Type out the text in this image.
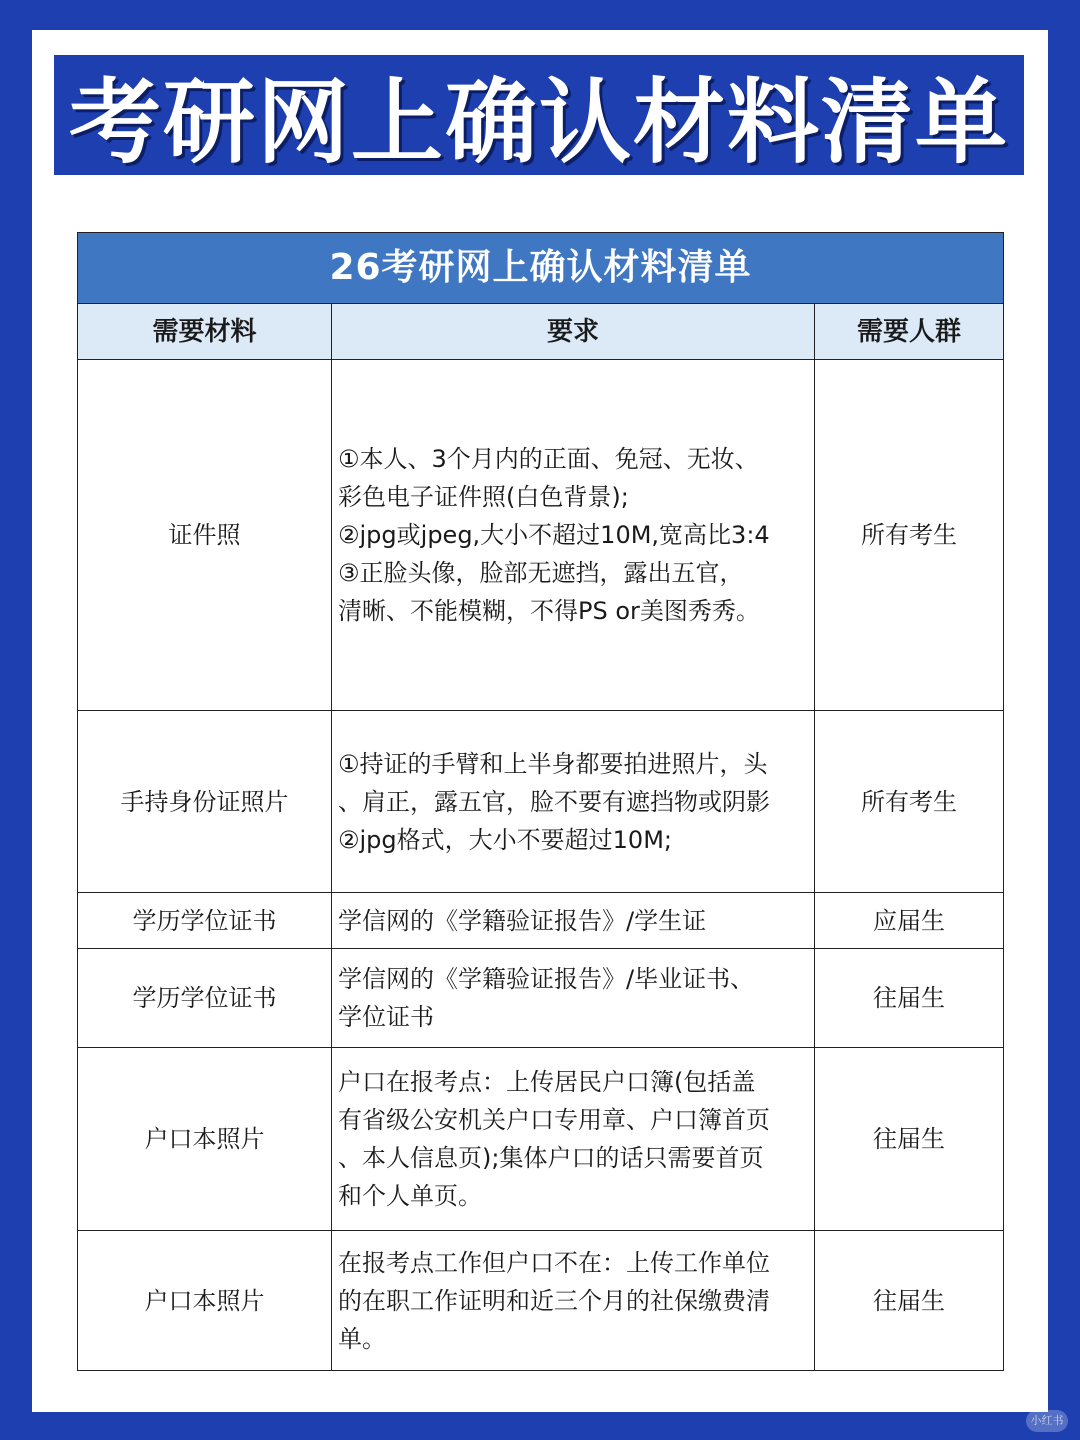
考研网上确认材料清单
26考研网上确认材料清单		
需要材料	要求	需要人群
证件照	①本人、3个月内的正面、免冠、无妆、
彩色电子证件照(白色背景);
②jpg或jpeg,大小不超过10M,宽高比3:4
③正脸头像，脸部无遮挡，露出五官，
清晰、不能模糊，不得PS or美图秀秀。	所有考生
手持身份证照片	①持证的手臂和上半身都要拍进照片，头
、肩正，露五官，脸不要有遮挡物或阴影
②jpg格式，大小不要超过10M;	所有考生
学历学位证书	学信网的《学籍验证报告》/学生证	应届生
学历学位证书	学信网的《学籍验证报告》/毕业证书、
学位证书	往届生
户口本照片	户口在报考点：上传居民户口簿(包括盖
有省级公安机关户口专用章、户口簿首页
、本人信息页);集体户口的话只需要首页
和个人单页。	往届生
户口本照片	在报考点工作但户口不在：上传工作单位
的在职工作证明和近三个月的社保缴费清
单。	往届生
小红书
